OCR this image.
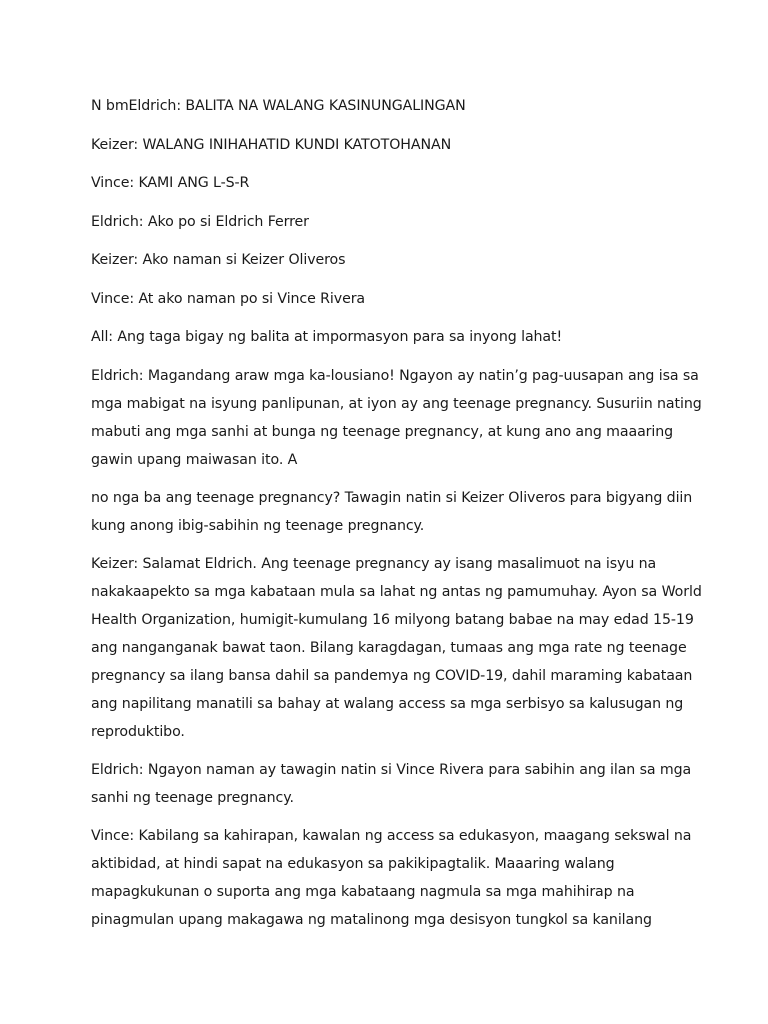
N bmEldrich: BALITA NA WALANG KASINUNGALINGAN

Keizer: WALANG INIHAHATID KUNDI KATOTOHANAN

Vince: KAMI ANG L-S-R

Eldrich: Ako po si Eldrich Ferrer

Keizer: Ako naman si Keizer Oliveros

Vince: At ako naman po si Vince Rivera

All: Ang taga bigay ng balita at impormasyon para sa inyong lahat!

Eldrich: Magandang araw mga ka-lousiano! Ngayon ay natin’g pag-uusapan ang isa sa mga mabigat na isyung panlipunan, at iyon ay ang teenage pregnancy. Susuriin nating mabuti ang mga sanhi at bunga ng teenage pregnancy, at kung ano ang maaaring gawin upang maiwasan ito. A

no nga ba ang teenage pregnancy? Tawagin natin si Keizer Oliveros para bigyang diin kung anong ibig-sabihin ng teenage pregnancy.

Keizer: Salamat Eldrich. Ang teenage pregnancy ay isang masalimuot na isyu na nakakaapekto sa mga kabataan mula sa lahat ng antas ng pamumuhay. Ayon sa World Health Organization, humigit-kumulang 16 milyong batang babae na may edad 15-19 ang nanganganak bawat taon. Bilang karagdagan, tumaas ang mga rate ng teenage pregnancy sa ilang bansa dahil sa pandemya ng COVID-19, dahil maraming kabataan ang napilitang manatili sa bahay at walang access sa mga serbisyo sa kalusugan ng reproduktibo.

Eldrich: Ngayon naman ay tawagin natin si Vince Rivera para sabihin ang ilan sa mga sanhi ng teenage pregnancy.

Vince: Kabilang sa kahirapan, kawalan ng access sa edukasyon, maagang sekswal na aktibidad, at hindi sapat na edukasyon sa pakikipagtalik. Maaaring walang mapagkukunan o suporta ang mga kabataang nagmula sa mga mahihirap na pinagmulan upang makagawa ng matalinong mga desisyon tungkol sa kanilang
